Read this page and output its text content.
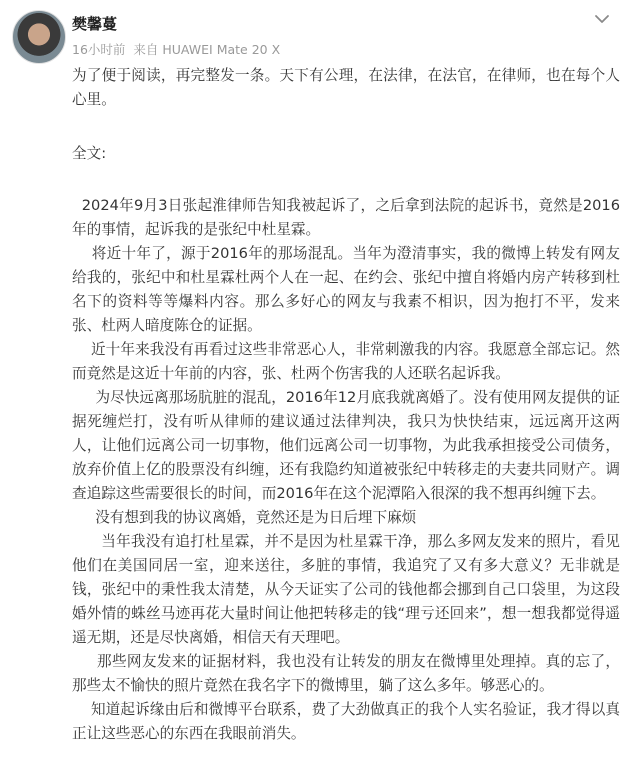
樊馨蔓
16小时前 来自 HUAWEI Mate 20 X

为了便于阅读，再完整发一条。天下有公理，在法律，在法官，在律师，也在每个人心里。

全文:

2024年9月3日张起淮律师告知我被起诉了，之后拿到法院的起诉书，竟然是2016年的事情，起诉我的是张纪中杜星霖。

将近十年了，源于2016年的那场混乱。当年为澄清事实，我的微博上转发有网友给我的，张纪中和杜星霖杜两个人在一起、在约会、张纪中擅自将婚内房产转移到杜名下的资料等等爆料内容。那么多好心的网友与我素不相识，因为抱打不平，发来张、杜两人暗度陈仓的证据。

近十年来我没有再看过这些非常恶心人，非常刺激我的内容。我愿意全部忘记。然而竟然是这近十年前的内容，张、杜两个伤害我的人还联名起诉我。

为尽快远离那场肮脏的混乱，2016年12月底我就离婚了。没有使用网友提供的证据死缠烂打，没有听从律师的建议通过法律判决，我只为快快结束，远远离开这两人，让他们远离公司一切事物，他们远离公司一切事物，为此我承担接受公司债务，放弃价值上亿的股票没有纠缠，还有我隐约知道被张纪中转移走的夫妻共同财产。调查追踪这些需要很长的时间，而2016年在这个泥潭陷入很深的我不想再纠缠下去。

没有想到我的协议离婚，竟然还是为日后埋下麻烦

当年我没有追打杜星霖，并不是因为杜星霖干净，那么多网友发来的照片，看见他们在美国同居一室，迎来送往，多脏的事情，我追究了又有多大意义？无非就是钱，张纪中的秉性我太清楚，从今天证实了公司的钱他都会挪到自己口袋里，为这段婚外情的蛛丝马迹再花大量时间让他把转移走的钱“理亏还回来”，想一想我都觉得遥遥无期，还是尽快离婚，相信天有天理吧。

那些网友发来的证据材料，我也没有让转发的朋友在微博里处理掉。真的忘了，那些太不愉快的照片竟然在我名字下的微博里，躺了这么多年。够恶心的。

知道起诉缘由后和微博平台联系，费了大劲做真正的我个人实名验证，我才得以真正让这些恶心的东西在我眼前消失。
